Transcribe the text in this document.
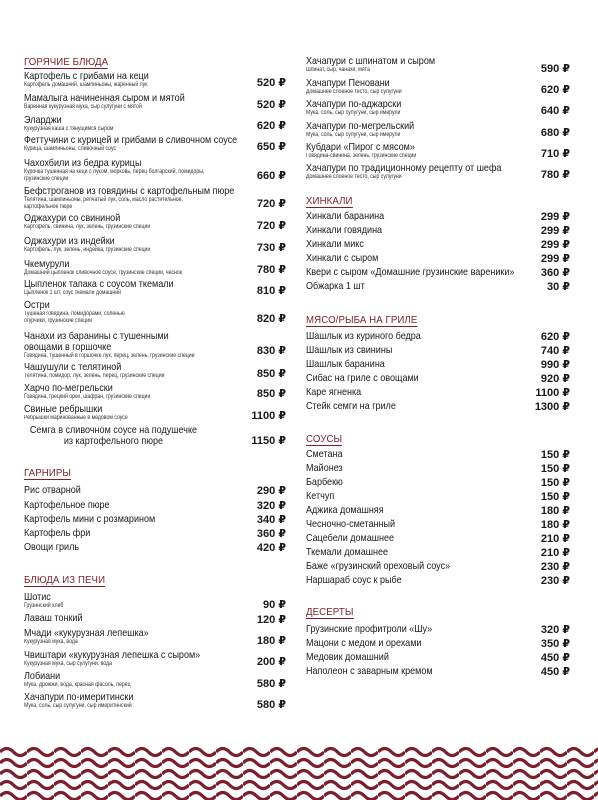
ГОРЯЧИЕ БЛЮДА
Картофель с грибами на кеци
Картофель домашний, шампиньоны, жаренный лук	520 ₽
Мамалыга начиненная сыром и мятой
Варенная кукурузная мука, сыр сулугуни с мятой	520 ₽
Эларджи
Кукурузная каша с тянущимся сыром	620 ₽
Феттучини с курицей и грибами в сливочном соусе
Курица, шампиньоны, сливочный соус	650 ₽
Чахохбили из бедра курицы
Курочка тушенная на кеци с луком, морковь, перец болгарский, помидоры, грузинские специи	660 ₽
Бефстроганов из говядины с картофельным пюре
Телятина, шампиньоны, репчатый лук, соль, масло растительное, картофельное пюре	720 ₽
Оджахури со свининой
Картофель, свинина, лук, зелень, грузинские специи	720 ₽
Оджахури из индейки
Картофель, лук, зелень, индейка, грузинские специи	730 ₽
Чкемурули
Домашний цыпленок сливочное соусе, грузинские специи, чеснок	780 ₽
Цыпленок тапака с соусом ткемали
Цыпленок 1 шт, соус ткемали домашний	810 ₽
Остри
Тушеная говядина, помидорами, соленые огурчики, грузинские специи	820 ₽
Чанахи из баранины с тушенными овощами в горшочке
Говядина, тушенный в горшочке лук, перец, зелень, грузинские специи	830 ₽
Чашушули с телятиной
Телятина, помидор, лук, зелень, перец, грузинские специи	850 ₽
Харчо по-мегрельски
Говядина, грецкий орех, шафран, грузинские специи	850 ₽
Свиные ребрышки
Ребрышки маринованные в медовом соусе	1100 ₽
Семга в сливочном соусе на подушечке из картофельного пюре	1150 ₽
ГАРНИРЫ
Рис отварной	290 ₽
Картофельное пюре	320 ₽
Картофель мини с розмарином	340 ₽
Картофель фри	360 ₽
Овощи гриль	420 ₽
БЛЮДА ИЗ ПЕЧИ
Шотис
Грузинский хлеб	90 ₽
Лаваш тонкий	120 ₽
Мчади «кукурузная лепешка»
Кукурузная мука, вода	180 ₽
Чвиштари «кукурузная лепешка с сыром»
Кукурузная мука, сыр сулугуни, вода	200 ₽
Лобиани
Мука, дрожжи, вода, красная фасоль, перец	580 ₽
Хачапури по-имеритински
Мука, соль, сыр сулугуни, сыр имеритинский	580 ₽
Хачапури с шпинатом и сыром
Шпинат, сыр, чанахи, мята	590 ₽
Хачапури Пеновани
Домашнее слоеное тесто, сыр сулугуни	620 ₽
Хачапури по-аджарски
Мука, соль, сыр сулугуни, сыр имерули	640 ₽
Хачапури по-мегрельский
Мука, соль, сыр сулугуни, сыр имерули	680 ₽
Кубдари «Пирог с мясом»
Говядина-свинина, зелень, грузинские специи	710 ₽
Хачапури по традиционному рецепту от шефа
Домашнее слоеное тесто, сыр сулугуни	780 ₽
ХИНКАЛИ
Хинкали баранина	299 ₽
Хинкали говядина	299 ₽
Хинкали микс	299 ₽
Хинкали с сыром	299 ₽
Квери с сыром «Домашние грузинские вареники»	360 ₽
Обжарка 1 шт	30 ₽
МЯСО/РЫБА НА ГРИЛЕ
Шашлык из куриного бедра	620 ₽
Шашлык из свинины	740 ₽
Шашлык баранина	990 ₽
Сибас на гриле с овощами	920 ₽
Каре ягненка	1100 ₽
Стейк семги на гриле	1300 ₽
СОУСЫ
Сметана	150 ₽
Майонез	150 ₽
Барбекю	150 ₽
Кетчуп	150 ₽
Аджика домашняя	180 ₽
Чесночно-сметанный	180 ₽
Сацебели домашнее	210 ₽
Ткемали домашнее	210 ₽
Баже «грузинский ореховый соус»	230 ₽
Наршараб соус к рыбе	230 ₽
ДЕСЕРТЫ
Грузинские профитроли «Шу»	320 ₽
Мацони с медом и орехами	350 ₽
Медовик домашний	450 ₽
Наполеон с заварным кремом	450 ₽
